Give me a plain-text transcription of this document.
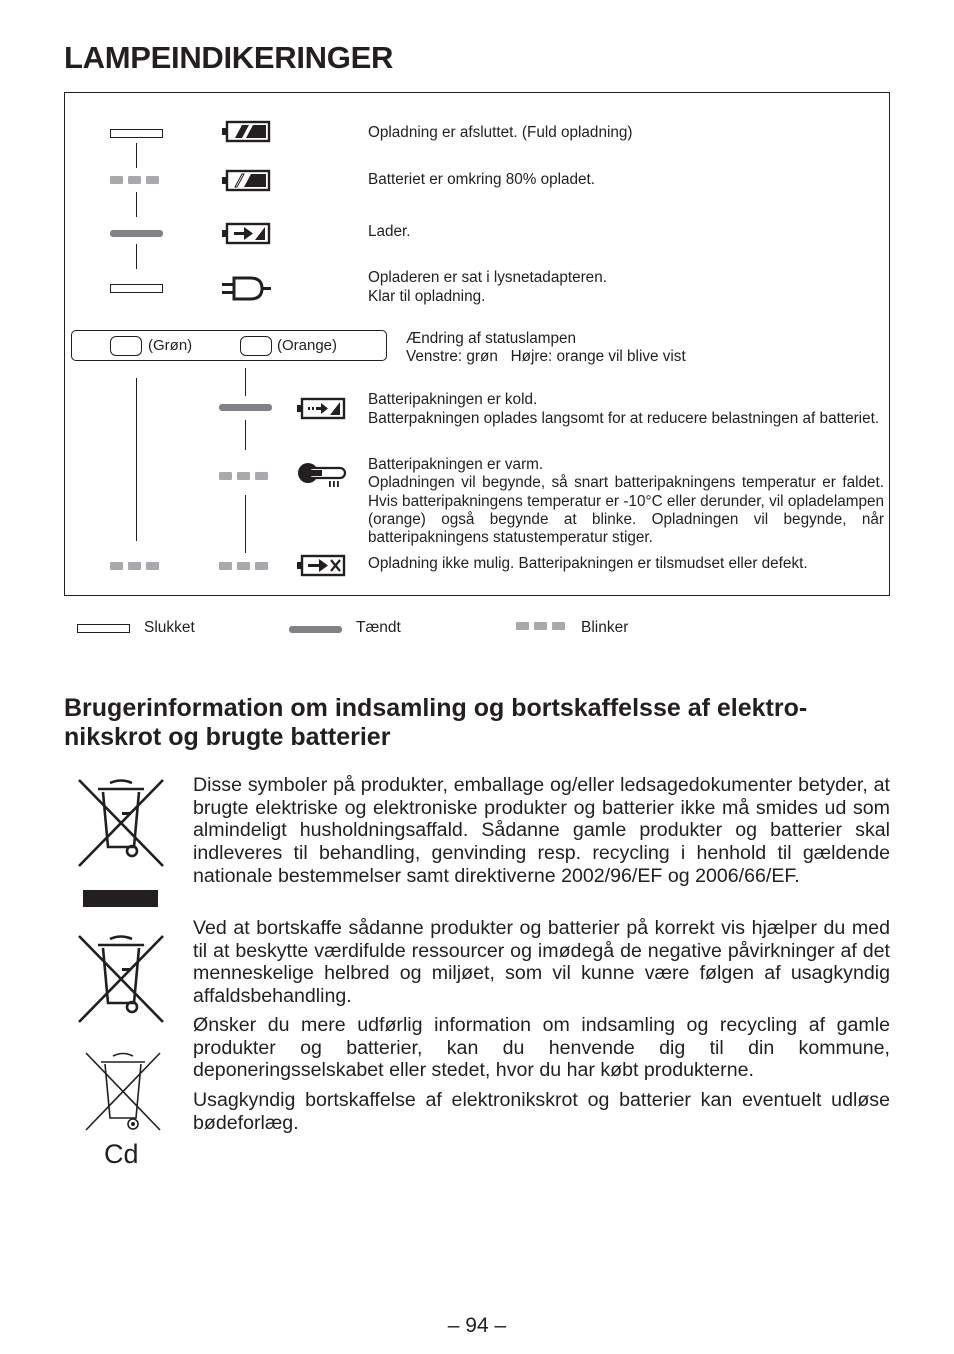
LAMPEINDIKERINGER
Opladning er afsluttet. (Fuld opladning)
Batteriet er omkring 80% opladet.
Lader.
Opladeren er sat i lysnetadapteren.
Klar til opladning.
(Grøn)	(Orange)	Ændring af statuslampen
Venstre: grøn   Højre: orange vil blive vist
Batteripakningen er kold.
Batterpakningen oplades langsomt for at reducere belastningen af batteriet.
Batteripakningen er varm.
Opladningen vil begynde, så snart batteripakningens temperatur er faldet. Hvis batteripakningens temperatur er -10°C eller derunder, vil opladelampen (orange) også begynde at blinke. Opladningen vil begynde, når batteripakningens statustemperatur stiger.
Opladning ikke mulig. Batteripakningen er tilsmudset eller defekt.
Slukket	Tændt	Blinker
Brugerinformation om indsamling og bortskaffelsse af elektro-nikskrot og brugte batterier
Cd
Disse symboler på produkter, emballage og/eller ledsagedokumenter betyder, at brugte elektriske og elektroniske produkter og batterier ikke må smides ud som almindeligt husholdningsaffald. Sådanne gamle produkter og batterier skal indleveres til behandling, genvinding resp. recycling i henhold til gældende nationale bestemmelser samt direktiverne 2002/96/EF og 2006/66/EF.
Ved at bortskaffe sådanne produkter og batterier på korrekt vis hjælper du med til at beskytte værdifulde ressourcer og imødegå de negative påvirkninger af det menneskelige helbred og miljøet, som vil kunne være følgen af usagkyndig affaldsbehandling.
Ønsker du mere udførlig information om indsamling og recycling af gamle produkter og batterier, kan du henvende dig til din kommune, deponeringsselskabet eller stedet, hvor du har købt produkterne.
Usagkyndig bortskaffelse af elektronikskrot og batterier kan eventuelt udløse bødeforlæg.
– 94 –
